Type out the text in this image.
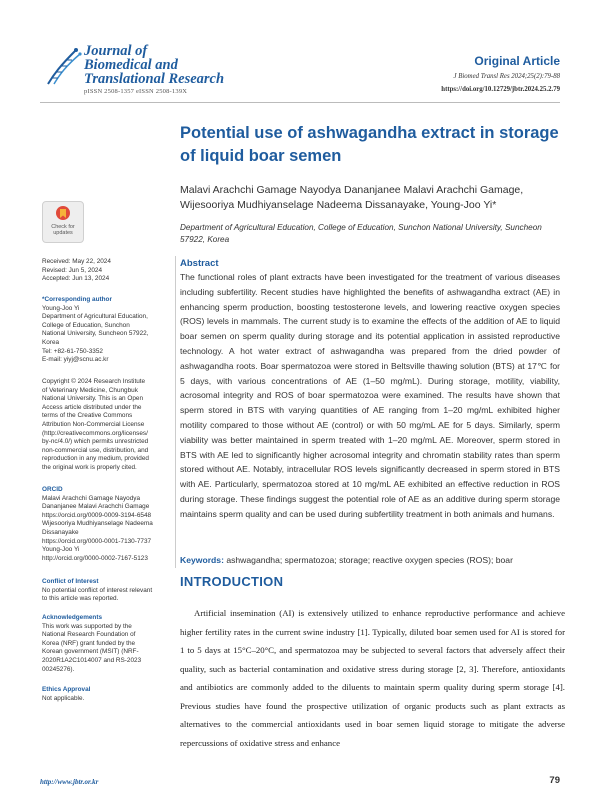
Journal of
Biomedical and
Translational Research
pISSN 2508-1357 eISSN 2508-139X
Original Article
J Biomed Transl Res 2024;25(2):79-88
https://doi.org/10.12729/jbtr.2024.25.2.79
Potential use of ashwagandha extract in storage
of liquid boar semen
Malavi Arachchi Gamage Nayodya Dananjanee Malavi Arachchi Gamage,
Wijesooriya Mudhiyanselage Nadeema Dissanayake, Young-Joo Yi*
Department of Agricultural Education, College of Education, Sunchon National University, Suncheon
57922, Korea
Check for
updates
Received: May 22, 2024
Revised: Jun 5, 2024
Accepted: Jun 13, 2024
*Corresponding author
Young-Joo Yi
Department of Agricultural Education,
College of Education, Sunchon
National University, Suncheon 57922,
Korea
Tel: +82-61-750-3352
E-mail: yiyj@scnu.ac.kr
Copyright © 2024 Research Institute
of Veterinary Medicine, Chungbuk
National University. This is an Open
Access article distributed under the
terms of the Creative Commons
Attribution Non-Commercial License
(http://creativecommons.org/licenses/
by-nc/4.0/) which permits unrestricted
non-commercial use, distribution, and
reproduction in any medium, provided
the original work is properly cited.
ORCID
Malavi Arachchi Gamage Nayodya
Dananjanee Malavi Arachchi Gamage
https://orcid.org/0009-0009-3194-6548
Wijesooriya Mudhiyanselage Nadeema
Dissanayake
https://orcid.org/0000-0001-7130-7737
Young-Joo Yi
http://orcid.org/0000-0002-7167-5123
Conflict of Interest
No potential conflict of interest relevant
to this article was reported.
Acknowledgements
This work was supported by the
National Research Foundation of
Korea (NRF) grant funded by the
Korean government (MSIT) (NRF-
2020R1A2C1014007 and RS-2023
00245276).
Ethics Approval
Not applicable.
Abstract
The functional roles of plant extracts have been investigated for the treatment of various diseases including subfertility. Recent studies have highlighted the benefits of ashwagandha extract (AE) in enhancing sperm production, boosting testosterone levels, and lowering reactive oxygen species (ROS) levels in mammals. The current study is to examine the effects of the addition of AE to liquid boar semen on sperm quality during storage and its potential application in assisted reproductive technology. A hot water extract of ashwagandha was prepared from the dried powder of ashwagandha roots. Boar spermatozoa were stored in Beltsville thawing solution (BTS) at 17℃ for 5 days, with various concentrations of AE (1–50 mg/mL). During storage, motility, viability, acrosomal integrity and ROS of boar spermatozoa were examined. The results have shown that sperm stored in BTS with varying quantities of AE ranging from 1–20 mg/mL exhibited higher motility compared to those without AE (control) or with 50 mg/mL AE for 5 days. Similarly, sperm viability was better maintained in sperm treated with 1–20 mg/mL AE. Moreover, sperm stored in BTS with AE led to significantly higher acrosomal integrity and chromatin stability rates than sperm stored without AE. Notably, intracellular ROS levels significantly decreased in sperm stored in BTS with AE. Particularly, spermatozoa stored at 10 mg/mL AE exhibited an effective reduction in ROS during storage. These findings suggest the potential role of AE as an additive during sperm storage maintains sperm quality and can be used during subfertility treatment in both animals and humans.
Keywords: ashwagandha; spermatozoa; storage; reactive oxygen species (ROS); boar
INTRODUCTION
Artificial insemination (AI) is extensively utilized to enhance reproductive performance and achieve higher fertility rates in the current swine industry [1]. Typically, diluted boar semen used for AI is stored for 1 to 5 days at 15°C–20°C, and spermatozoa may be subjected to several factors that adversely affect their quality, such as bacterial contamination and oxidative stress during storage [2, 3]. Therefore, antioxidants and antibiotics are commonly added to the diluents to maintain sperm quality during sperm storage [4]. Previous studies have found the prospective utilization of organic products such as plant extracts as alternatives to the commercial antioxidants used in boar semen liquid storage to mitigate the adverse repercussions of oxidative stress and enhance
http://www.jbtr.or.kr	79
